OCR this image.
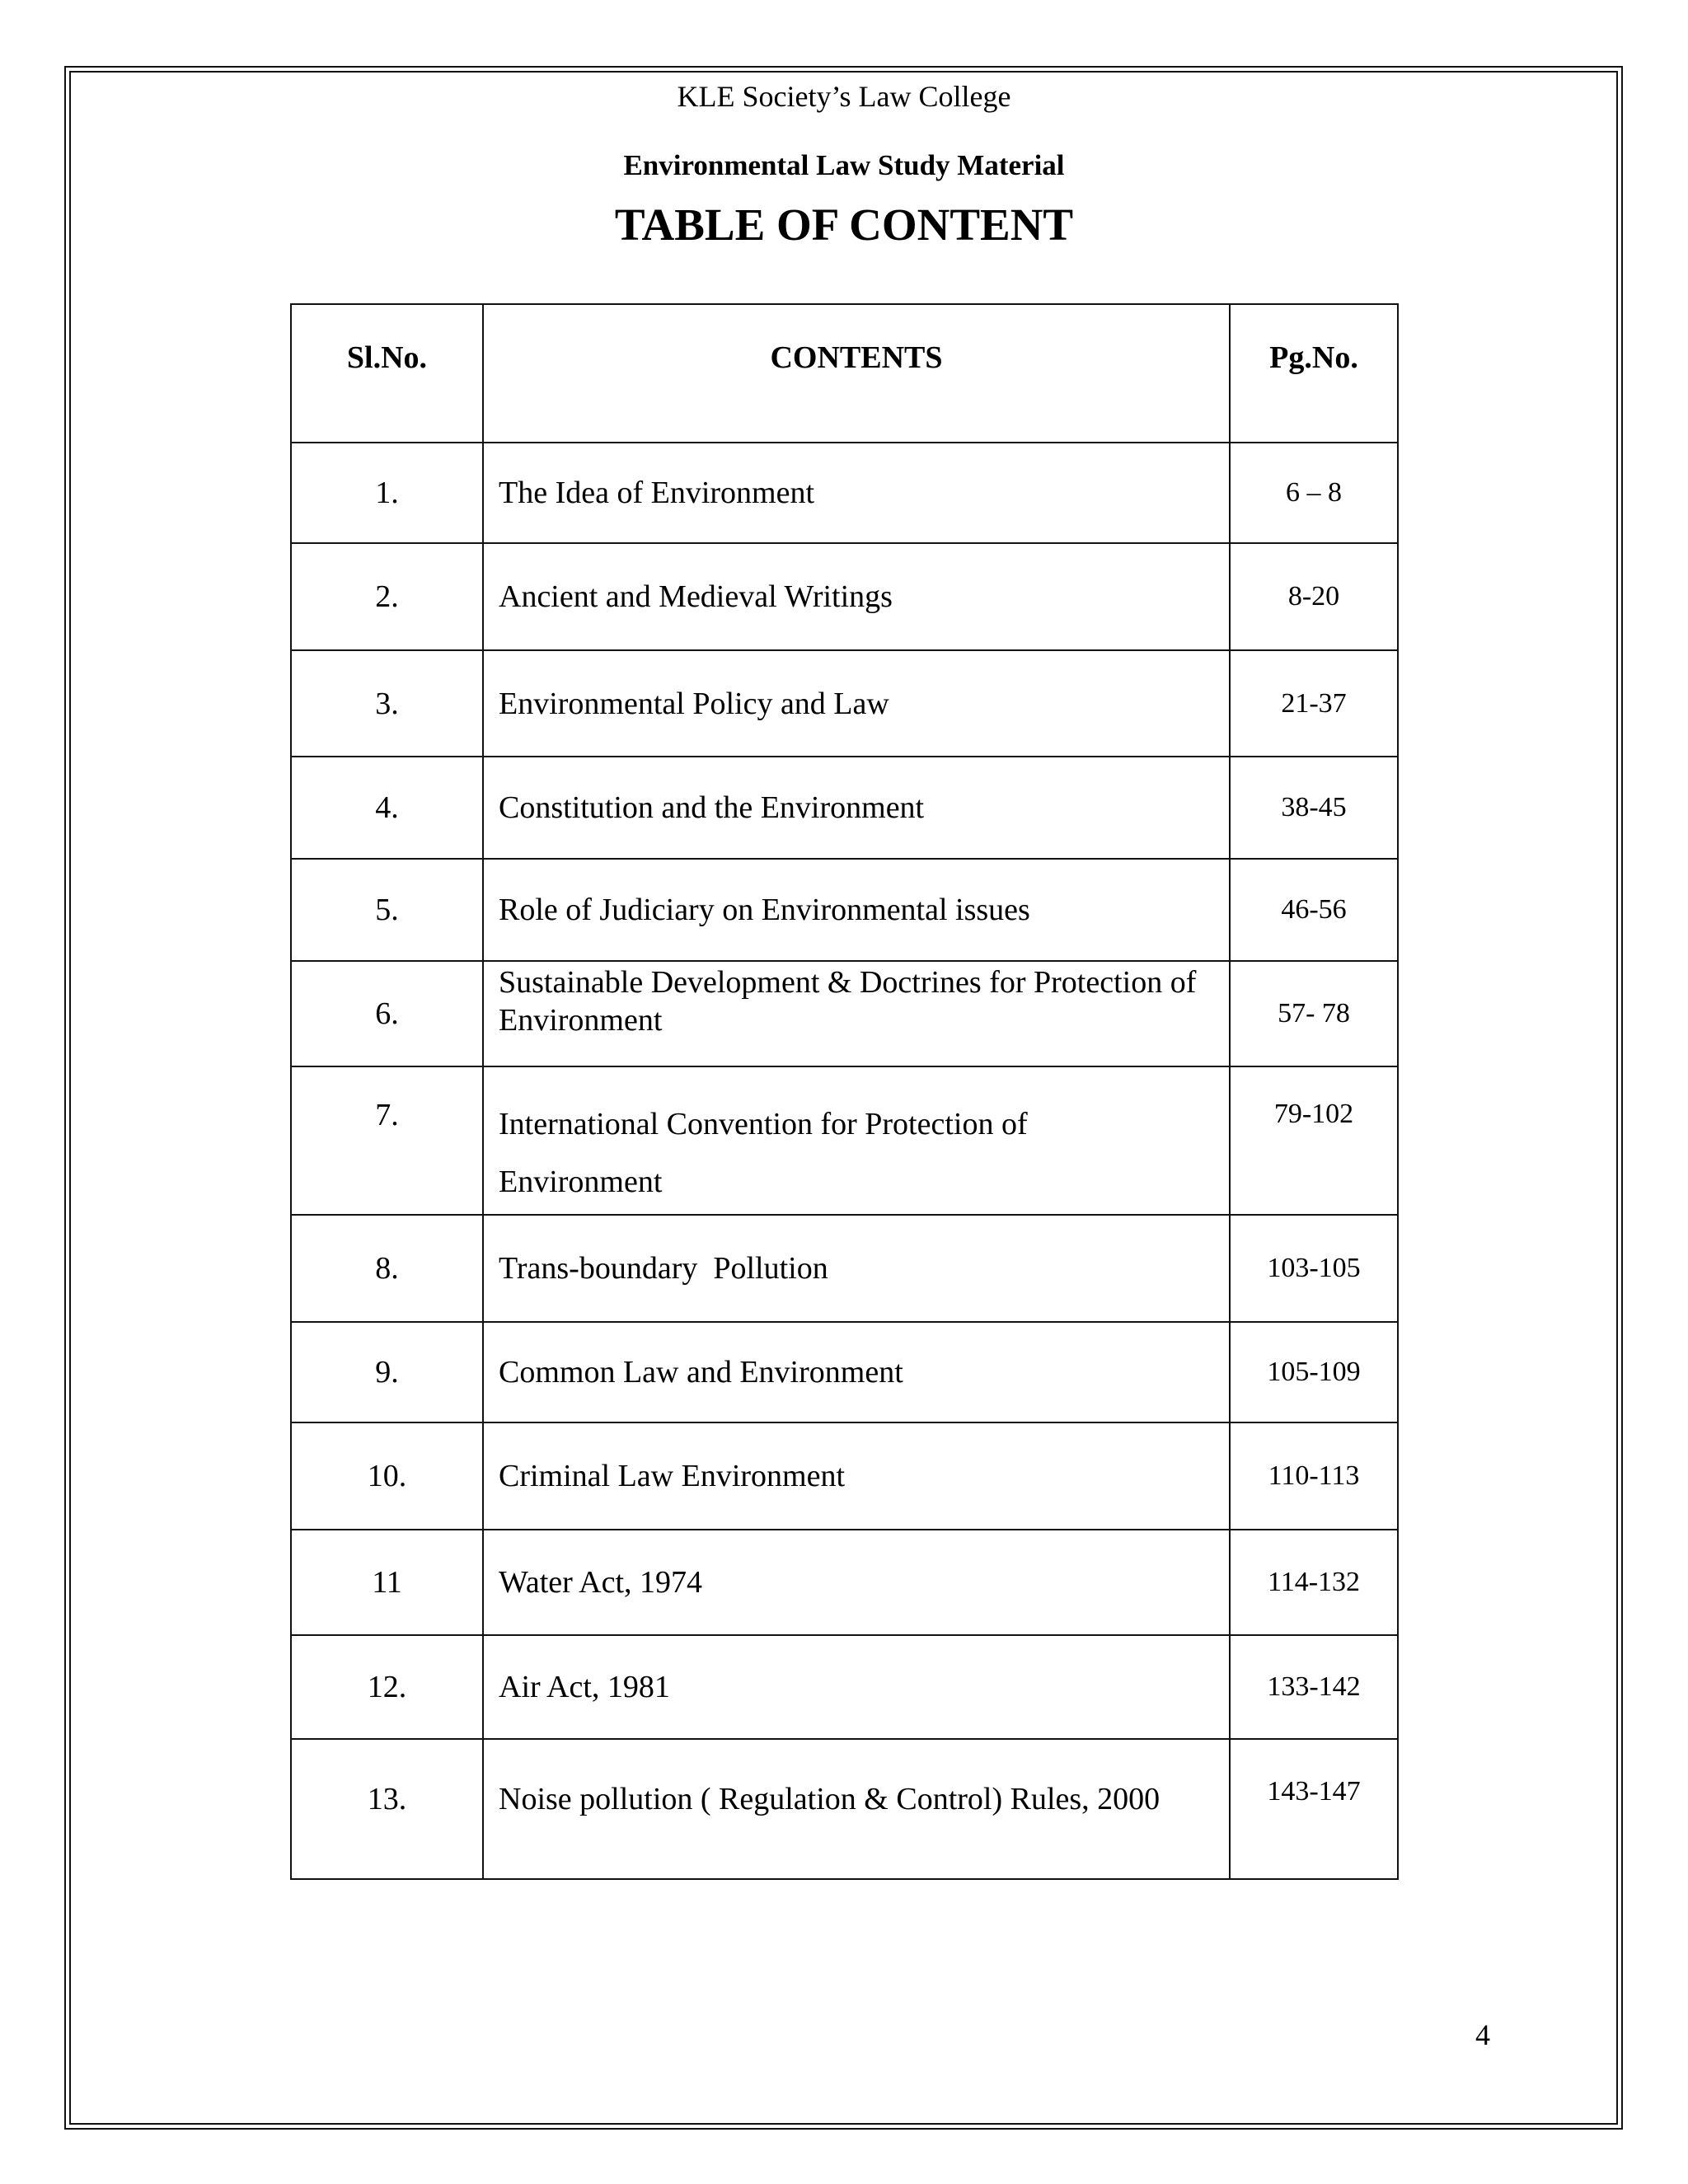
KLE Society’s Law College
Environmental Law Study Material
TABLE OF CONTENT
Sl.No.	CONTENTS	Pg.No.
1.	The Idea of Environment	6 – 8
2.	Ancient and Medieval Writings	8-20
3.	Environmental Policy and Law	21-37
4.	Constitution and the Environment	38-45
5.	Role of Judiciary on Environmental issues	46-56
6.	Sustainable Development & Doctrines for Protection of Environment	57- 78
7.	International Convention for Protection of Environment	79-102
8.	Trans-boundary  Pollution	103-105
9.	Common Law and Environment	105-109
10.	Criminal Law Environment	110-113
11	Water Act, 1974	114-132
12.	Air Act, 1981	133-142
13.	Noise pollution ( Regulation & Control) Rules, 2000	143-147
4
